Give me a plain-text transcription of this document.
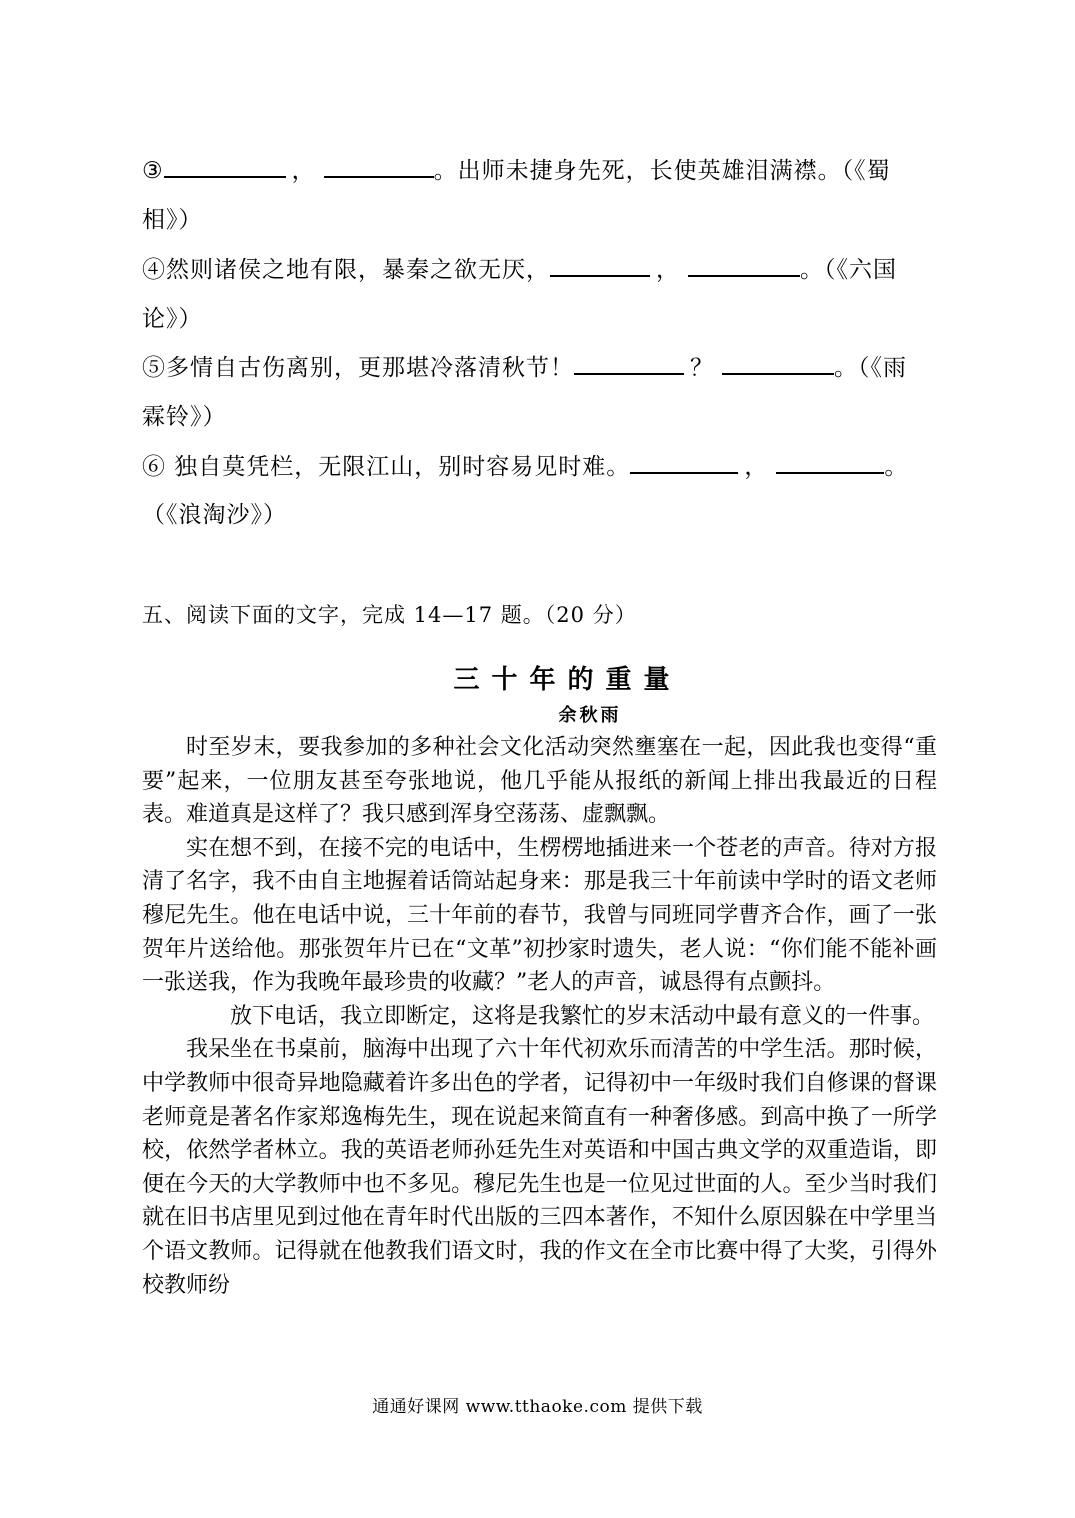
③	，	。出师未捷身先死，长使英雄泪满襟。（《蜀
相》）
④然则诸侯之地有限，暴秦之欲无厌，	，	。（《六国
论》）
⑤多情自古伤离别，更那堪冷落清秋节！	？	。（《雨
霖铃》）
⑥ 独自莫凭栏，无限江山，别时容易见时难。	，	。
（《浪淘沙》）
五、阅读下面的文字，完成 14—17 题。（20 分）
三十年的重量
余秋雨

时至岁末，要我参加的多种社会文化活动突然壅塞在一起，因此我也变得“重要”起来，一位朋友甚至夸张地说，他几乎能从报纸的新闻上排出我最近的日程表。难道真是这样了？我只感到浑身空荡荡、虚飘飘。

实在想不到，在接不完的电话中，生楞楞地插进来一个苍老的声音。待对方报清了名字，我不由自主地握着话筒站起身来：那是我三十年前读中学时的语文老师穆尼先生。他在电话中说，三十年前的春节，我曾与同班同学曹齐合作，画了一张贺年片送给他。那张贺年片已在“文革”初抄家时遗失，老人说：“你们能不能补画一张送我，作为我晚年最珍贵的收藏？”老人的声音，诚恳得有点颤抖。

放下电话，我立即断定，这将是我繁忙的岁末活动中最有意义的一件事。

我呆坐在书桌前，脑海中出现了六十年代初欢乐而清苦的中学生活。那时候，中学教师中很奇异地隐藏着许多出色的学者，记得初中一年级时我们自修课的督课老师竟是著名作家郑逸梅先生，现在说起来简直有一种奢侈感。到高中换了一所学校，依然学者林立。我的英语老师孙廷先生对英语和中国古典文学的双重造诣，即便在今天的大学教师中也不多见。穆尼先生也是一位见过世面的人。至少当时我们就在旧书店里见到过他在青年时代出版的三四本著作，不知什么原因躲在中学里当个语文教师。记得就在他教我们语文时，我的作文在全市比赛中得了大奖，引得外校教师纷

通通好课网 www.tthaoke.com 提供下载
